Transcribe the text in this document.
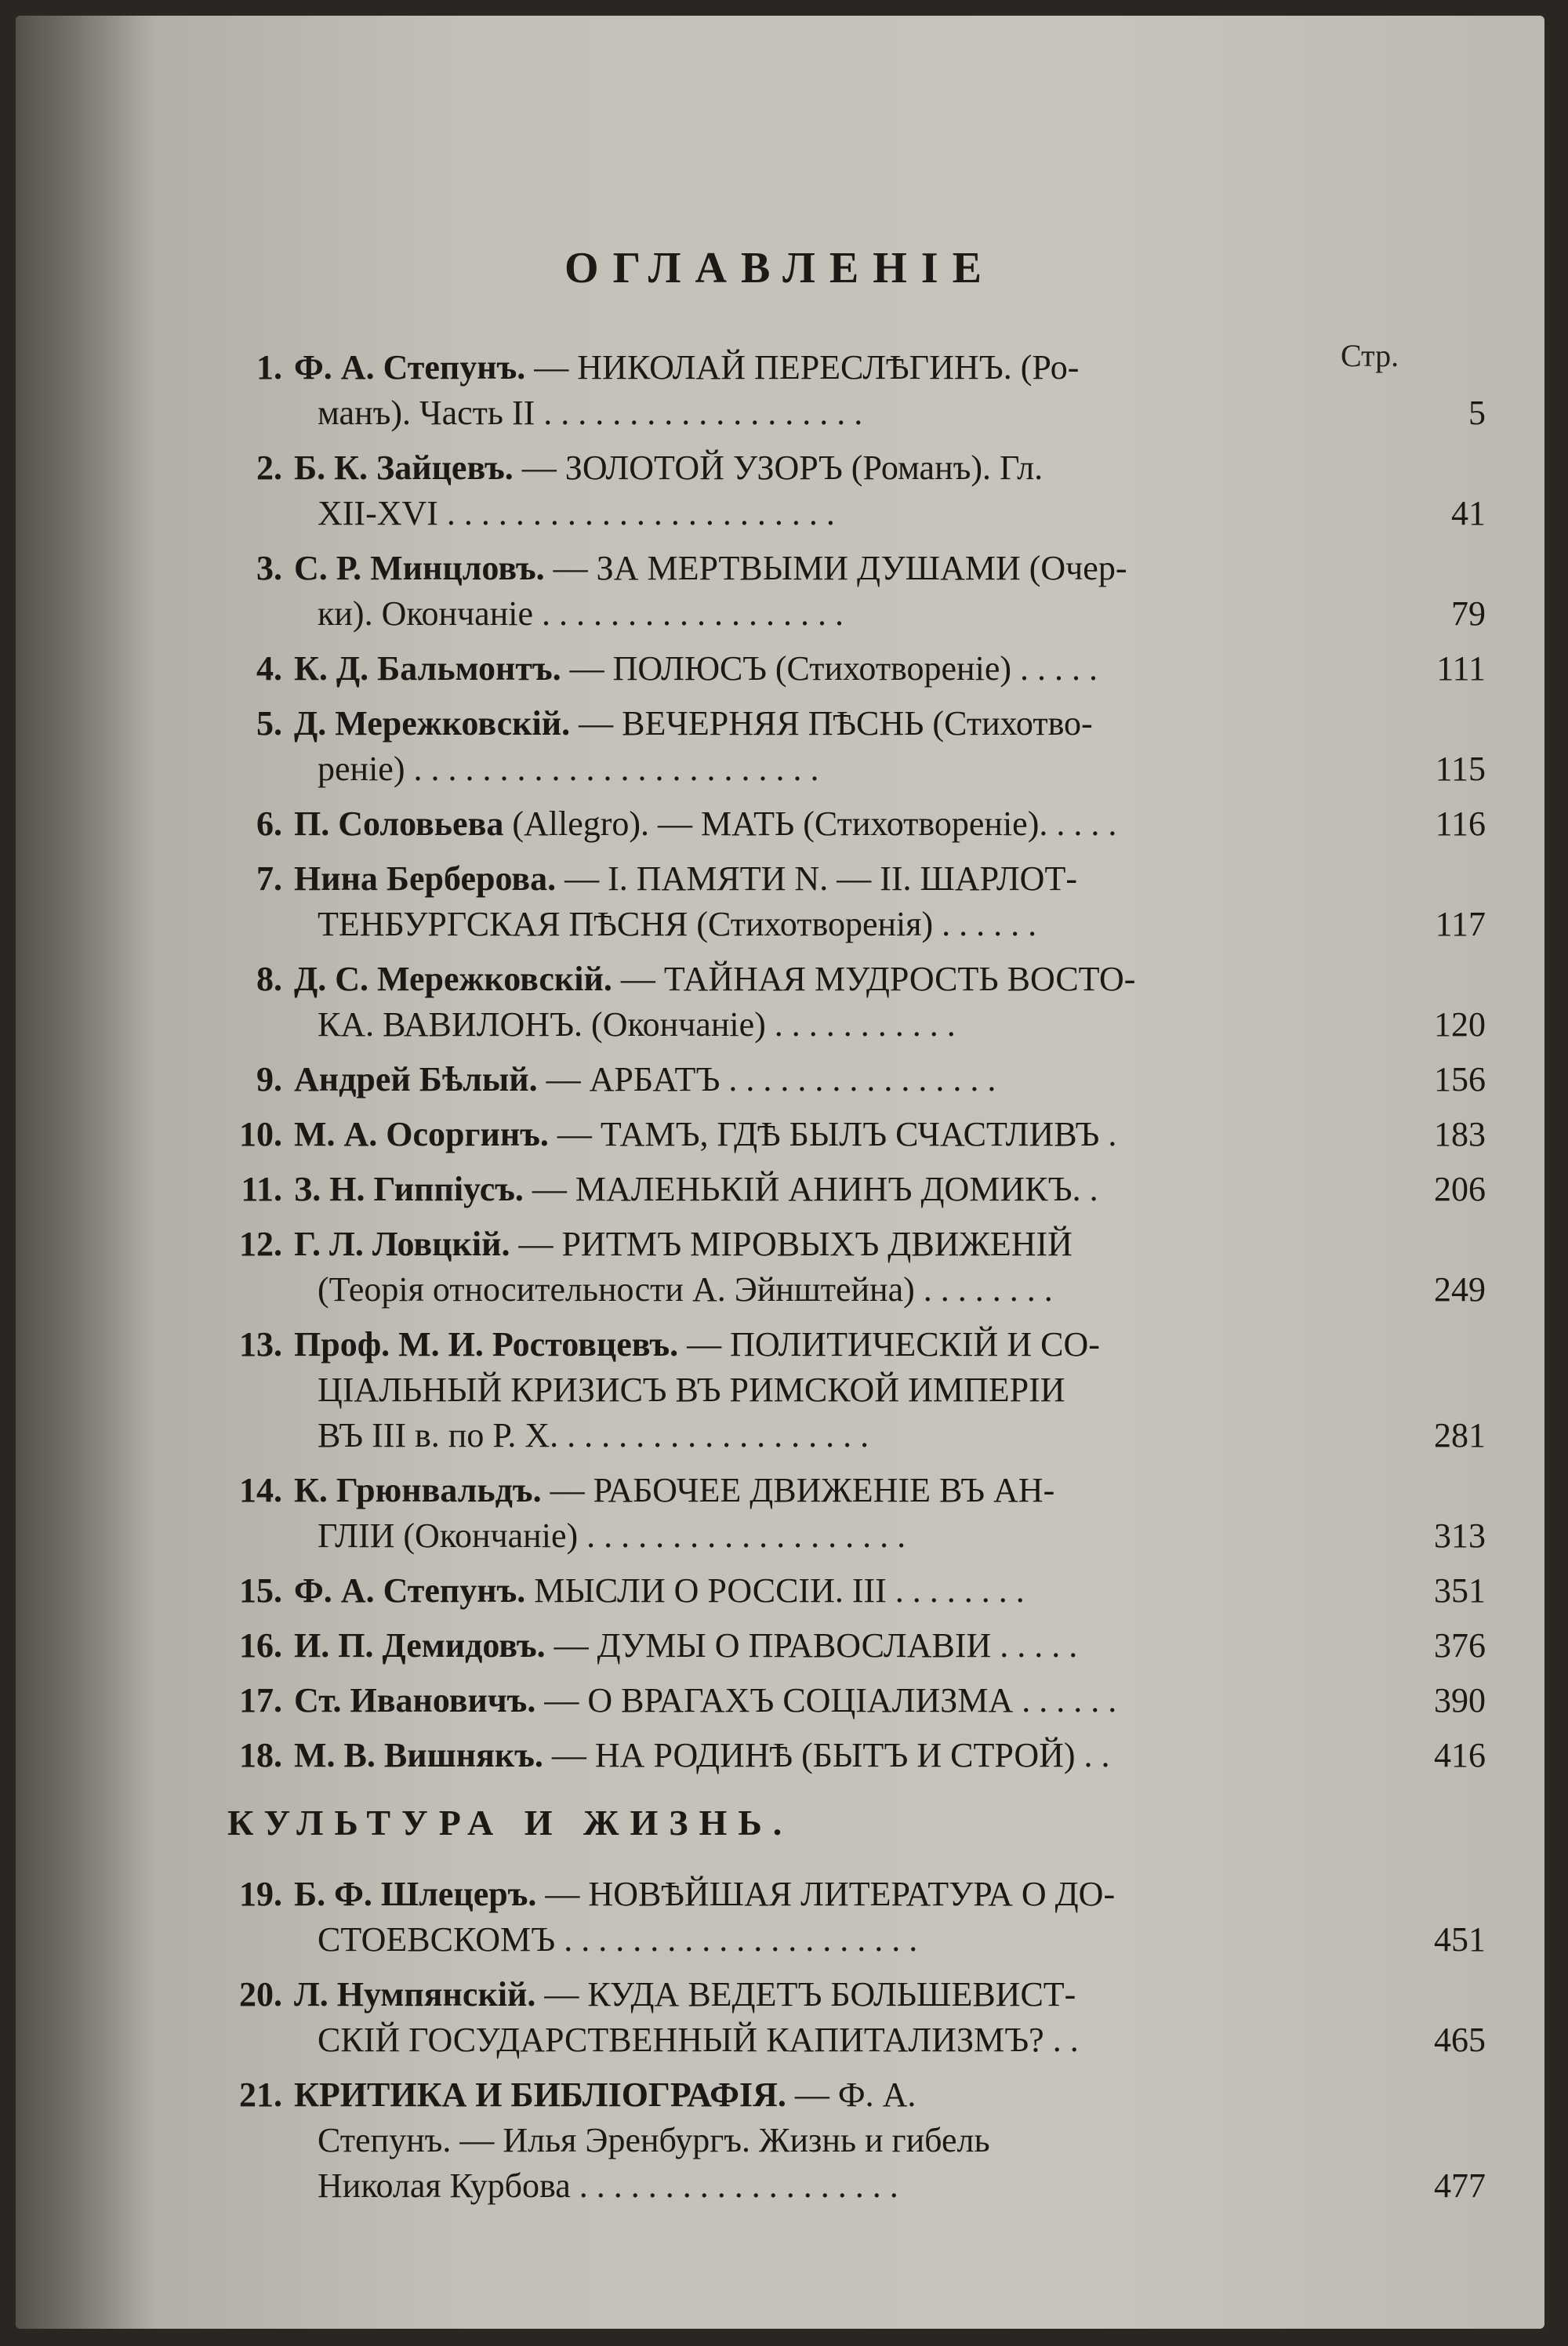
ОГЛАВЛЕНІЕ
Стр.
1. Ф. А. Степунъ. — НИКОЛАЙ ПЕРЕСЛѢГИНЪ. (Ро-
манъ). Часть II . . . . . . . . . . . . . . . . . . .	5
2. Б. К. Зайцевъ. — ЗОЛОТОЙ УЗОРЪ (Романъ). Гл.
XII-XVI . . . . . . . . . . . . . . . . . . . . . . .	41
3. С. Р. Минцловъ. — ЗА МЕРТВЫМИ ДУШАМИ (Очер-
ки). Окончаніе . . . . . . . . . . . . . . . . . .	79
4. К. Д. Бальмонтъ. — ПОЛЮСЪ (Стихотвореніе) . . . . .	111
5. Д. Мережковскій. — ВЕЧЕРНЯЯ ПѢСНЬ (Стихотво-
реніе) . . . . . . . . . . . . . . . . . . . . . . . .	115
6. П. Соловьева (Allegro). — МАТЬ (Стихотвореніе). . . . .	116
7. Нина Берберова. — I. ПАМЯТИ N. — II. ШАРЛОТ-
ТЕНБУРГСКАЯ ПѢСНЯ (Стихотворенія) . . . . . .	117
8. Д. С. Мережковскій. — ТАЙНАЯ МУДРОСТЬ ВОСТО-
КА. ВАВИЛОНЪ. (Окончаніе) . . . . . . . . . . .	120
9. Андрей Бѣлый. — АРБАТЪ . . . . . . . . . . . . . . . .	156
10. М. А. Осоргинъ. — ТАМЪ, ГДѢ БЫЛЪ СЧАСТЛИВЪ .	183
11. З. Н. Гиппіусъ. — МАЛЕНЬКІЙ АНИНЪ ДОМИКЪ. .	206
12. Г. Л. Ловцкій. — РИТМЪ МІРОВЫХЪ ДВИЖЕНІЙ
(Теорія относительности А. Эйнштейна) . . . . . . . .	249
13. Проф. М. И. Ростовцевъ. — ПОЛИТИЧЕСКІЙ И СО-
ЦІАЛЬНЫЙ КРИЗИСЪ ВЪ РИМСКОЙ ИМПЕРІИ
ВЪ III в. по Р. Х. . . . . . . . . . . . . . . . . . .	281
14. К. Грюнвальдъ. — РАБОЧЕЕ ДВИЖЕНІЕ ВЪ АН-
ГЛІИ (Окончаніе) . . . . . . . . . . . . . . . . . . .	313
15. Ф. А. Степунъ. МЫСЛИ О РОССІИ. III . . . . . . . .	351
16. И. П. Демидовъ. — ДУМЫ О ПРАВОСЛАВІИ . . . . .	376
17. Ст. Ивановичъ. — О ВРАГАХЪ СОЦІАЛИЗМА . . . . . .	390
18. М. В. Вишнякъ. — НА РОДИНѢ (БЫТЪ И СТРОЙ) . .	416
КУЛЬТУРА И ЖИЗНЬ.
19. Б. Ф. Шлецеръ. — НОВѢЙШАЯ ЛИТЕРАТУРА О ДО-
СТОЕВСКОМЪ . . . . . . . . . . . . . . . . . . . . .	451
20. Л. Нумпянскій. — КУДА ВЕДЕТЪ БОЛЬШЕВИСТ-
СКІЙ ГОСУДАРСТВЕННЫЙ КАПИТАЛИЗМЪ? . .	465
21. КРИТИКА И БИБЛІОГРАФІЯ. — Ф. А.
Степунъ. — Илья Эренбургъ. Жизнь и гибель
Николая Курбова . . . . . . . . . . . . . . . . . . .	477
